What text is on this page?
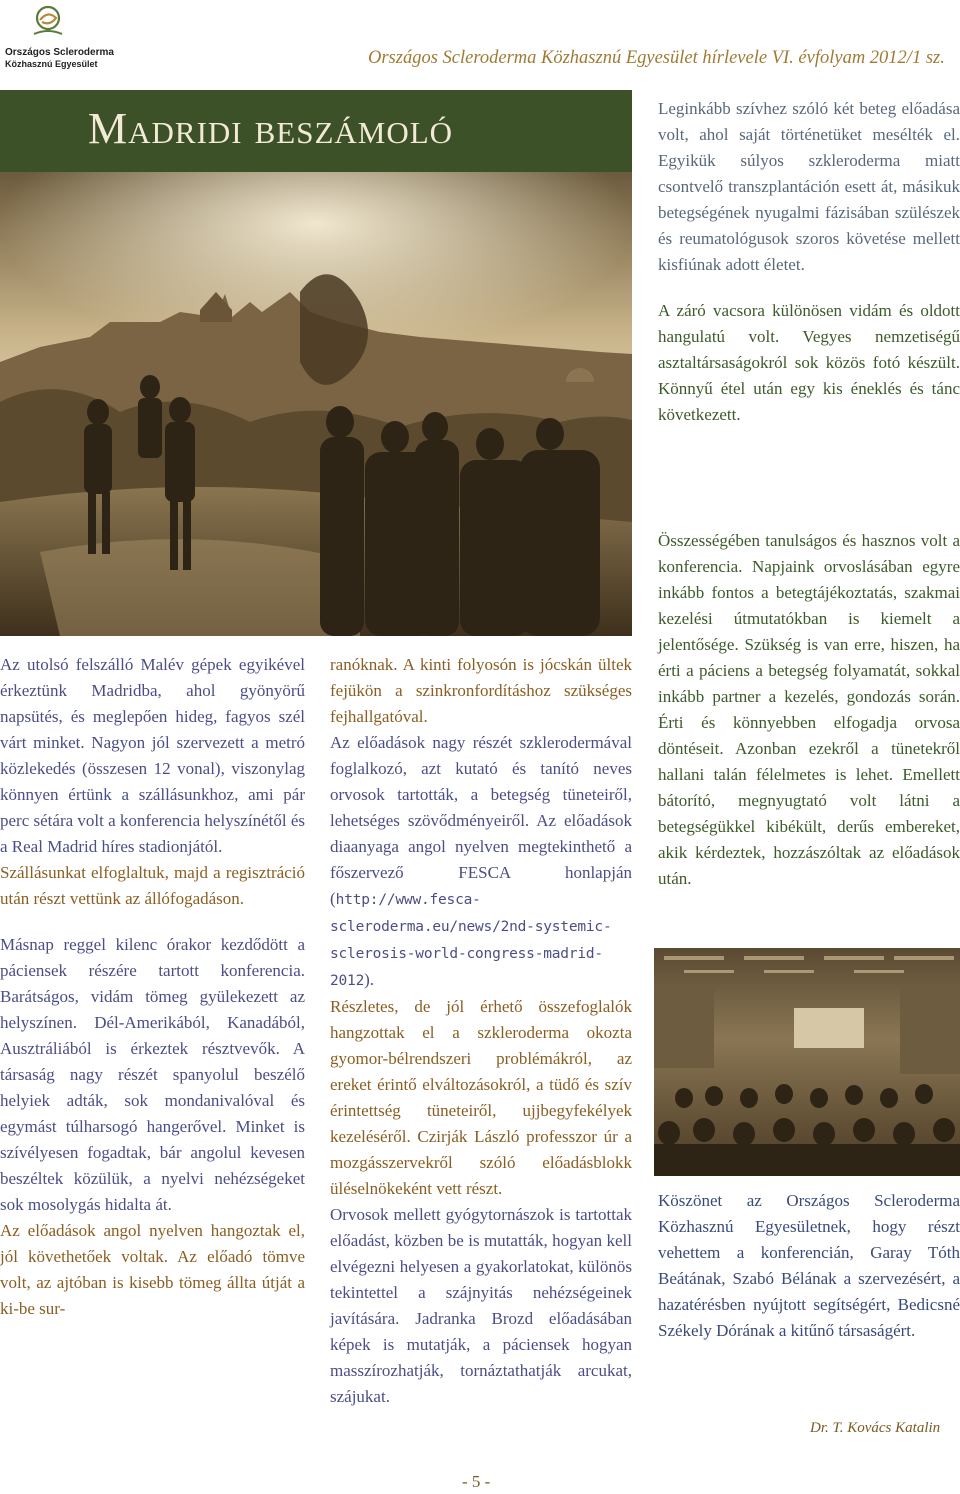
Országos Scleroderma
Közhasznú Egyesület	Országos Scleroderma Közhasznú Egyesület hírlevele VI. évfolyam 2012/1 sz.
Madridi beszámoló	Leginkább szívhez szóló két beteg előadása volt, ahol saját történetüket mesélték el. Egyikük súlyos szkleroderma miatt csontvelő transzplantáción esett át, másikuk betegségének nyugalmi fázisában szülészek és reumatológusok szoros követése mellett kisfiúnak adott életet.

A záró vacsora különösen vidám és oldott hangulatú volt. Vegyes nemzetiségű asztaltársaságokról sok közös fotó készült. Könnyű étel után egy kis éneklés és tánc következett.

Összességében tanulságos és hasznos volt a konferencia. Napjaink orvoslásában egyre inkább fontos a betegtájékoztatás, szakmai kezelési útmutatókban is kiemelt a jelentősége. Szükség is van erre, hiszen, ha érti a páciens a betegség folyamatát, sokkal inkább partner a kezelés, gondozás során. Érti és könnyebben elfogadja orvosa döntéseit. Azonban ezekről a tünetekről hallani talán félelmetes is lehet. Emellett bátorító, megnyugtató volt látni a betegségükkel kibékült, derűs embereket, akik kérdeztek, hozzászóltak az előadások után.

Az utolsó felszálló Malév gépek egyikével érkeztünk Madridba, ahol gyönyörű napsütés, és meglepően hideg, fagyos szél várt minket. Nagyon jól szervezett a metró közlekedés (összesen 12 vonal), viszonylag könnyen értünk a szállásunkhoz, ami pár perc sétára volt a konferencia helyszínétől és a Real Madrid híres stadionjától.

Szállásunkat elfoglaltuk, majd a regisztráció után részt vettünk az állófogadáson.

Másnap reggel kilenc órakor kezdődött a páciensek részére tartott konferencia. Barátságos, vidám tömeg gyülekezett az helyszínen. Dél-Amerikából, Kanadából, Ausztráliából is érkeztek résztvevők. A társaság nagy részét spanyolul beszélő helyiek adták, sok mondanivalóval és egymást túlharsogó hangerővel. Minket is szívélyesen fogadtak, bár angolul kevesen beszéltek közülük, a nyelvi nehézségeket sok mosolygás hidalta át.

Az előadások angol nyelven hangoztak el, jól követhetőek voltak. Az előadó tömve volt, az ajtóban is kisebb tömeg állta útját a ki-be sur-

ranóknak. A kinti folyosón is jócskán ültek fejükön a szinkronfordításhoz szükséges fejhallgatóval.

Az előadások nagy részét szklerodermával foglalkozó, azt kutató és tanító neves orvosok tartották, a betegség tüneteiről, lehetséges szövődményeiről. Az előadások diaanyaga angol nyelven megtekinthető a főszervező FESCA honlapján (http://www.fesca-scleroderma.eu/news/2nd-systemic-sclerosis-world-congress-madrid-2012).

Részletes, de jól érhető összefoglalók hangzottak el a szkleroderma okozta gyomor-bélrendszeri problémákról, az ereket érintő elváltozásokról, a tüdő és szív érintettség tüneteiről, ujjbegyfekélyek kezeléséről. Czirják László professzor úr a mozgásszervekről szóló előadásblokk üléselnökeként vett részt.

Orvosok mellett gyógytornászok is tartottak előadást, közben be is mutatták, hogyan kell elvégezni helyesen a gyakorlatokat, különös tekintettel a szájnyitás nehézségeinek javítására. Jadranka Brozd előadásában képek is mutatják, a páciensek hogyan masszírozhatják, tornáztathatják arcukat, szájukat.

Köszönet az Országos Scleroderma Közhasznú Egyesületnek, hogy részt vehettem a konferencián, Garay Tóth Beátának, Szabó Bélának a szervezésért, a hazatérésben nyújtott segítségért, Bedicsné Székely Dórának a kitűnő társaságért.

Dr. T. Kovács Katalin
- 5 -
